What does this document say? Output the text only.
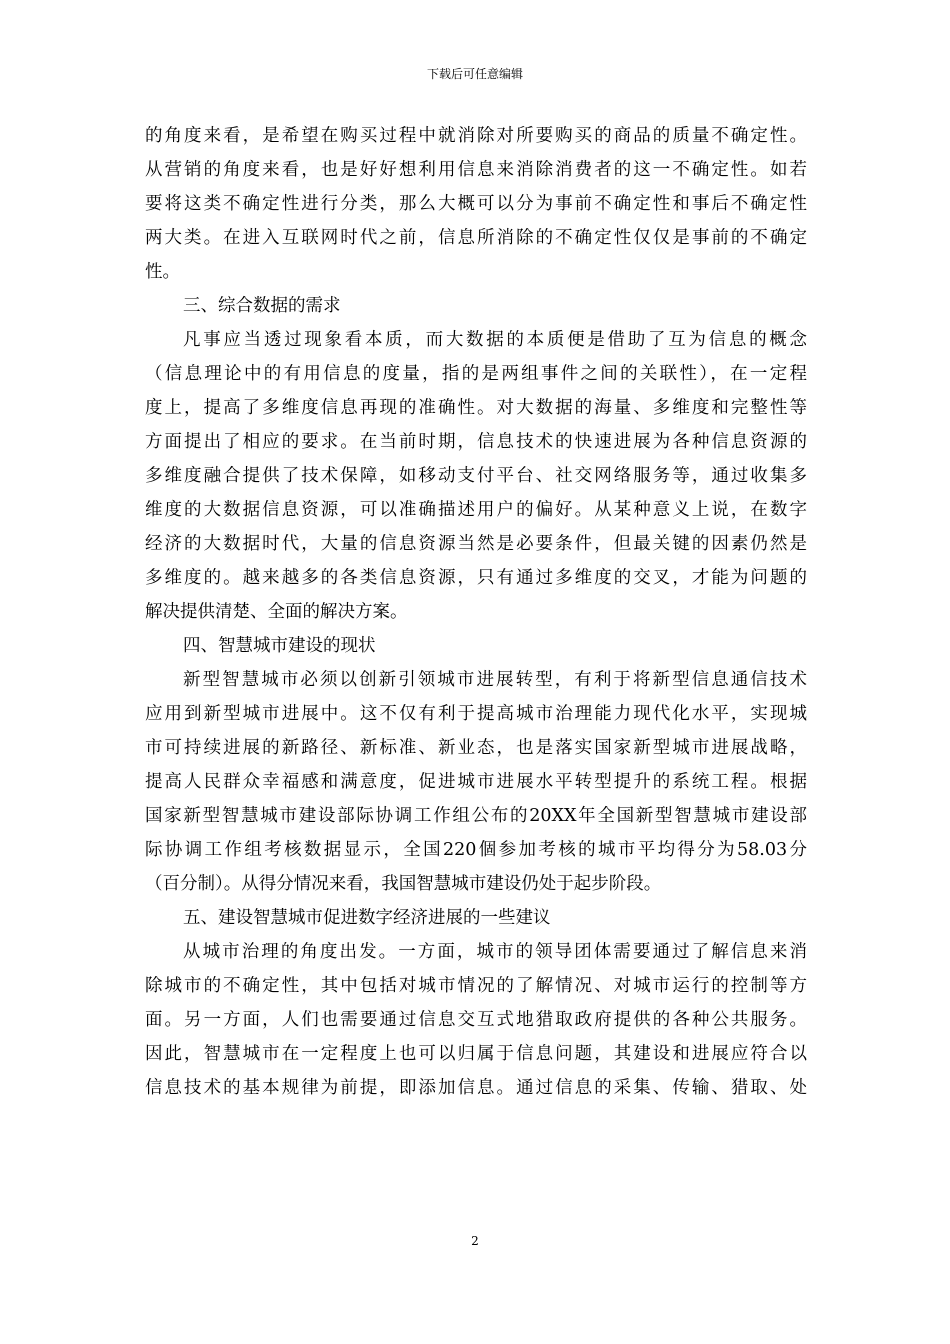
下载后可任意编辑
的角度来看，是希望在购买过程中就消除对所要购买的商品的质量不确定性。
从营销的角度来看，也是好好想利用信息来消除消费者的这一不确定性。如若
要将这类不确定性进行分类，那么大概可以分为事前不确定性和事后不确定性
两大类。在进入互联网时代之前，信息所消除的不确定性仅仅是事前的不确定
性。
三、综合数据的需求
凡事应当透过现象看本质，而大数据的本质便是借助了互为信息的概念
（信息理论中的有用信息的度量，指的是两组事件之间的关联性），在一定程
度上，提高了多维度信息再现的准确性。对大数据的海量、多维度和完整性等
方面提出了相应的要求。在当前时期，信息技术的快速进展为各种信息资源的
多维度融合提供了技术保障，如移动支付平台、社交网络服务等，通过收集多
维度的大数据信息资源，可以准确描述用户的偏好。从某种意义上说，在数字
经济的大数据时代，大量的信息资源当然是必要条件，但最关键的因素仍然是
多维度的。越来越多的各类信息资源，只有通过多维度的交叉，才能为问题的
解决提供清楚、全面的解决方案。
四、智慧城市建设的现状
新型智慧城市必须以创新引领城市进展转型，有利于将新型信息通信技术
应用到新型城市进展中。这不仅有利于提高城市治理能力现代化水平，实现城
市可持续进展的新路径、新标准、新业态，也是落实国家新型城市进展战略，
提高人民群众幸福感和满意度，促进城市进展水平转型提升的系统工程。根据
国家新型智慧城市建设部际协调工作组公布的20XX年全国新型智慧城市建设部
际协调工作组考核数据显示，全国220個参加考核的城市平均得分为58.03分
（百分制）。从得分情况来看，我国智慧城市建设仍处于起步阶段。
五、建设智慧城市促进数字经济进展的一些建议
从城市治理的角度出发。一方面，城市的领导团体需要通过了解信息来消
除城市的不确定性，其中包括对城市情况的了解情况、对城市运行的控制等方
面。另一方面，人们也需要通过信息交互式地猎取政府提供的各种公共服务。
因此，智慧城市在一定程度上也可以归属于信息问题，其建设和进展应符合以
信息技术的基本规律为前提，即添加信息。通过信息的采集、传输、猎取、处
2
